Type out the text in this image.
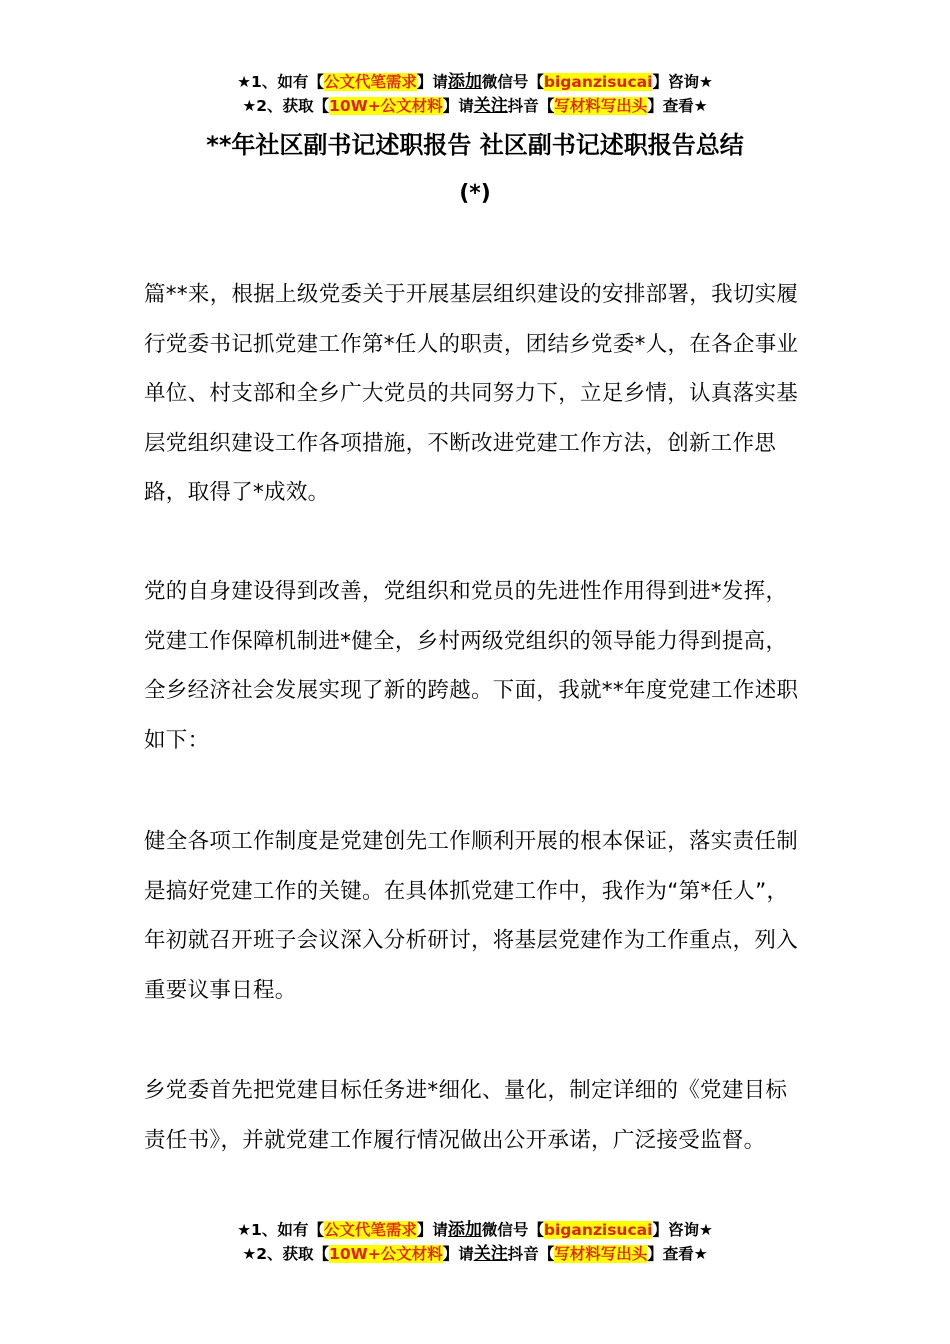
★1、如有【公文代笔需求】请添加微信号【biganzisucai】咨询★
★2、获取【10W+公文材料】请关注抖音【写材料写出头】查看★
**年社区副书记述职报告 社区副书记述职报告总结
(*)

篇**来，根据上级党委关于开展基层组织建设的安排部署，我切实履行党委书记抓党建工作第*任人的职责，团结乡党委*人，在各企事业单位、村支部和全乡广大党员的共同努力下，立足乡情，认真落实基层党组织建设工作各项措施，不断改进党建工作方法，创新工作思路，取得了*成效。

党的自身建设得到改善，党组织和党员的先进性作用得到进*发挥，党建工作保障机制进*健全，乡村两级党组织的领导能力得到提高，全乡经济社会发展实现了新的跨越。下面，我就**年度党建工作述职如下：

健全各项工作制度是党建创先工作顺利开展的根本保证，落实责任制是搞好党建工作的关键。在具体抓党建工作中，我作为“第*任人”，年初就召开班子会议深入分析研讨，将基层党建作为工作重点，列入重要议事日程。

乡党委首先把党建目标任务进*细化、量化，制定详细的《党建目标责任书》，并就党建工作履行情况做出公开承诺，广泛接受监督。

★1、如有【公文代笔需求】请添加微信号【biganzisucai】咨询★
★2、获取【10W+公文材料】请关注抖音【写材料写出头】查看★
